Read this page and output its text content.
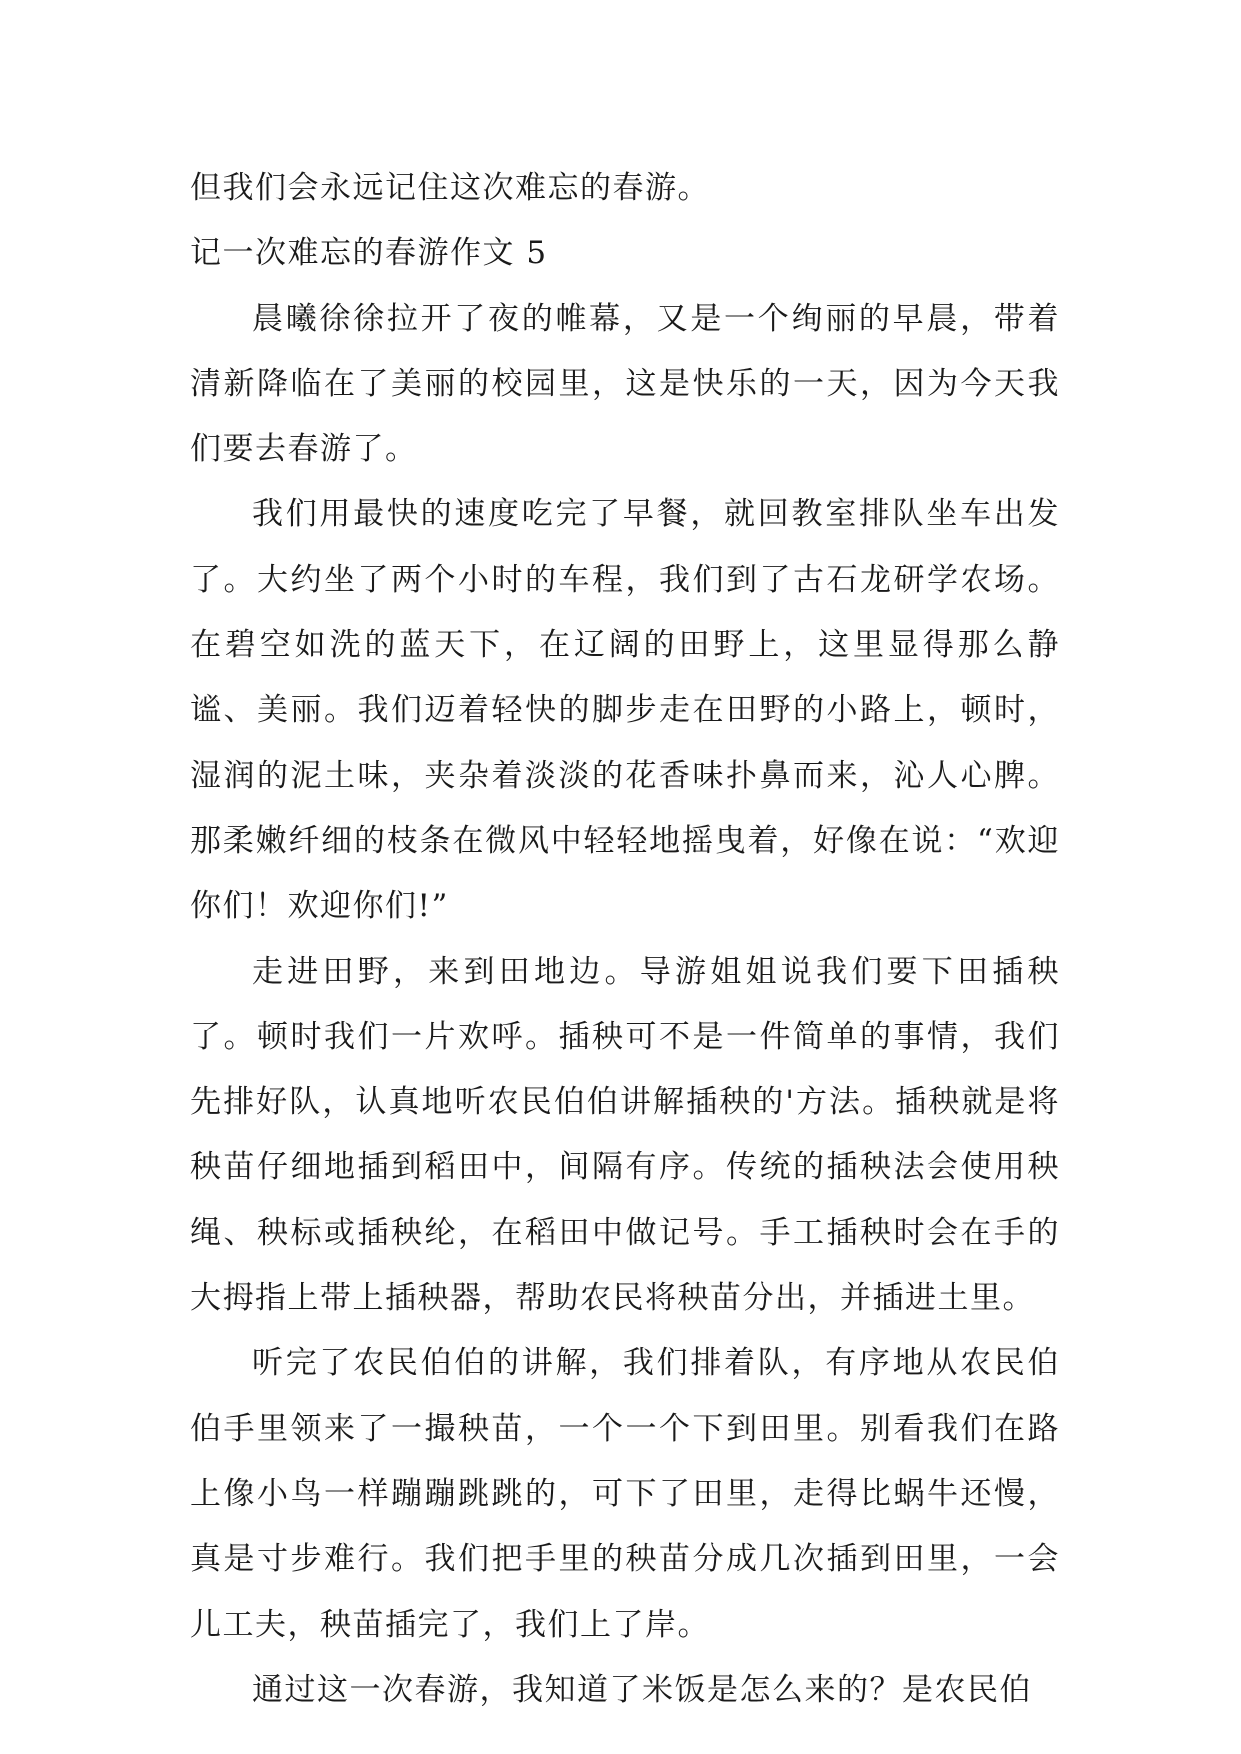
但我们会永远记住这次难忘的春游。

记一次难忘的春游作文 5

晨曦徐徐拉开了夜的帷幕，又是一个绚丽的早晨，带着清新降临在了美丽的校园里，这是快乐的一天，因为今天我们要去春游了。

我们用最快的速度吃完了早餐，就回教室排队坐车出发了。大约坐了两个小时的车程，我们到了古石龙研学农场。在碧空如洗的蓝天下，在辽阔的田野上，这里显得那么静谧、美丽。我们迈着轻快的脚步走在田野的小路上，顿时，湿润的泥土味，夹杂着淡淡的花香味扑鼻而来，沁人心脾。那柔嫩纤细的枝条在微风中轻轻地摇曳着，好像在说：“欢迎你们！欢迎你们!”

走进田野，来到田地边。导游姐姐说我们要下田插秧了。顿时我们一片欢呼。插秧可不是一件简单的事情，我们先排好队，认真地听农民伯伯讲解插秧的'方法。插秧就是将秧苗仔细地插到稻田中，间隔有序。传统的插秧法会使用秧绳、秧标或插秧纶，在稻田中做记号。手工插秧时会在手的大拇指上带上插秧器，帮助农民将秧苗分出，并插进土里。

听完了农民伯伯的讲解，我们排着队，有序地从农民伯伯手里领来了一撮秧苗，一个一个下到田里。别看我们在路上像小鸟一样蹦蹦跳跳的，可下了田里，走得比蜗牛还慢，真是寸步难行。我们把手里的秧苗分成几次插到田里，一会儿工夫，秧苗插完了，我们上了岸。

通过这一次春游，我知道了米饭是怎么来的？是农民伯
